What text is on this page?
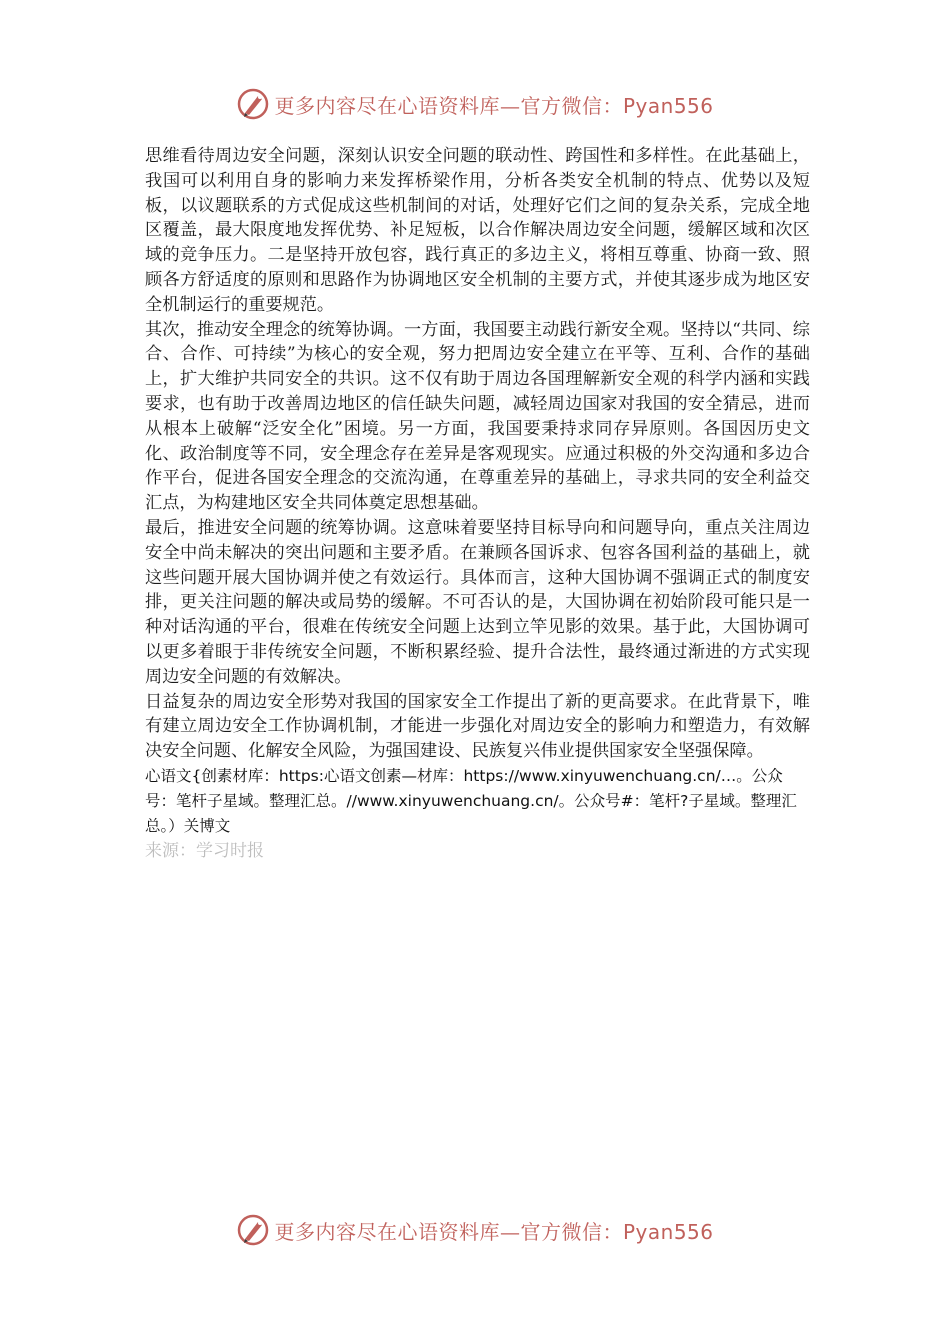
更多内容尽在心语资料库—官方微信：Pyan556

思维看待周边安全问题，深刻认识安全问题的联动性、跨国性和多样性。在此基础上，我国可以利用自身的影响力来发挥桥梁作用，分析各类安全机制的特点、优势以及短板，以议题联系的方式促成这些机制间的对话，处理好它们之间的复杂关系，完成全地区覆盖，最大限度地发挥优势、补足短板，以合作解决周边安全问题，缓解区域和次区域的竞争压力。二是坚持开放包容，践行真正的多边主义，将相互尊重、协商一致、照顾各方舒适度的原则和思路作为协调地区安全机制的主要方式，并使其逐步成为地区安全机制运行的重要规范。

其次，推动安全理念的统筹协调。一方面，我国要主动践行新安全观。坚持以“共同、综合、合作、可持续”为核心的安全观，努力把周边安全建立在平等、互利、合作的基础上，扩大维护共同安全的共识。这不仅有助于周边各国理解新安全观的科学内涵和实践要求，也有助于改善周边地区的信任缺失问题，减轻周边国家对我国的安全猜忌，进而从根本上破解“泛安全化”困境。另一方面，我国要秉持求同存异原则。各国因历史文化、政治制度等不同，安全理念存在差异是客观现实。应通过积极的外交沟通和多边合作平台，促进各国安全理念的交流沟通，在尊重差异的基础上，寻求共同的安全利益交汇点，为构建地区安全共同体奠定思想基础。

最后，推进安全问题的统筹协调。这意味着要坚持目标导向和问题导向，重点关注周边安全中尚未解决的突出问题和主要矛盾。在兼顾各国诉求、包容各国利益的基础上，就这些问题开展大国协调并使之有效运行。具体而言，这种大国协调不强调正式的制度安排，更关注问题的解决或局势的缓解。不可否认的是，大国协调在初始阶段可能只是一种对话沟通的平台，很难在传统安全问题上达到立竿见影的效果。基于此，大国协调可以更多着眼于非传统安全问题，不断积累经验、提升合法性，最终通过渐进的方式实现周边安全问题的有效解决。

日益复杂的周边安全形势对我国的国家安全工作提出了新的更高要求。在此背景下，唯有建立周边安全工作协调机制，才能进一步强化对周边安全的影响力和塑造力，有效解决安全问题、化解安全风险，为强国建设、民族复兴伟业提供国家安全坚强保障。

心语文{创素材库：https:心语文创素—材库：https://www.xinyuwenchuang.cn/…。公众号：笔杆子星域。整理汇总。//www.xinyuwenchuang.cn/。公众号#：笔杆?子星域。整理汇总。）关博文

来源：学习时报

更多内容尽在心语资料库—官方微信：Pyan556
